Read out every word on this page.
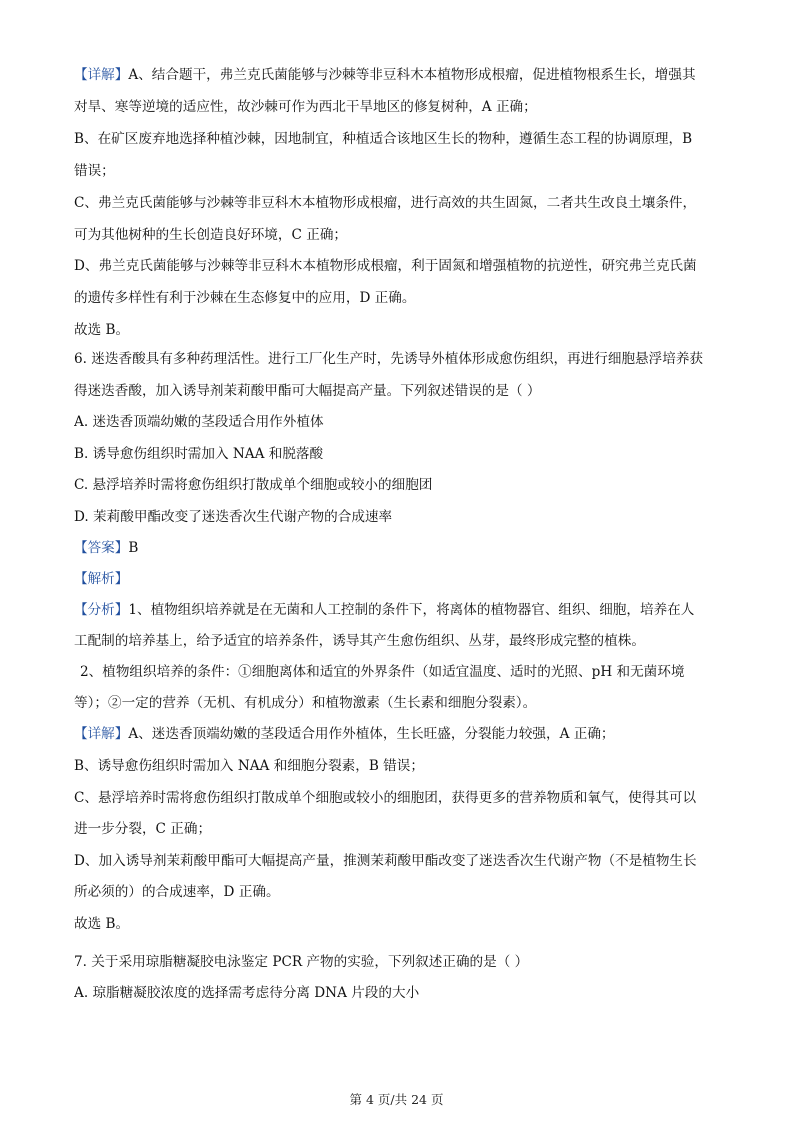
【详解】A、结合题干，弗兰克氏菌能够与沙棘等非豆科木本植物形成根瘤，促进植物根系生长，增强其
对旱、寒等逆境的适应性，故沙棘可作为西北干旱地区的修复树种，A 正确；
B、在矿区废弃地选择种植沙棘，因地制宜，种植适合该地区生长的物种，遵循生态工程的协调原理，B
错误；
C、弗兰克氏菌能够与沙棘等非豆科木本植物形成根瘤，进行高效的共生固氮，二者共生改良土壤条件，
可为其他树种的生长创造良好环境，C 正确；
D、弗兰克氏菌能够与沙棘等非豆科木本植物形成根瘤，利于固氮和增强植物的抗逆性，研究弗兰克氏菌
的遗传多样性有利于沙棘在生态修复中的应用，D 正确。
故选 B。
6. 迷迭香酸具有多种药理活性。进行工厂化生产时，先诱导外植体形成愈伤组织，再进行细胞悬浮培养获
得迷迭香酸，加入诱导剂茉莉酸甲酯可大幅提高产量。下列叙述错误的是（ ）
A. 迷迭香顶端幼嫩的茎段适合用作外植体
B. 诱导愈伤组织时需加入 NAA 和脱落酸
C. 悬浮培养时需将愈伤组织打散成单个细胞或较小的细胞团
D. 茉莉酸甲酯改变了迷迭香次生代谢产物的合成速率
【答案】B
【解析】
【分析】1、植物组织培养就是在无菌和人工控制的条件下，将离体的植物器官、组织、细胞，培养在人
工配制的培养基上，给予适宜的培养条件，诱导其产生愈伤组织、丛芽，最终形成完整的植株。
2、植物组织培养的条件：①细胞离体和适宜的外界条件（如适宜温度、适时的光照、pH 和无菌环境
等）；②一定的营养（无机、有机成分）和植物激素（生长素和细胞分裂素）。
【详解】A、迷迭香顶端幼嫩的茎段适合用作外植体，生长旺盛，分裂能力较强，A 正确；
B、诱导愈伤组织时需加入 NAA 和细胞分裂素，B 错误；
C、悬浮培养时需将愈伤组织打散成单个细胞或较小的细胞团，获得更多的营养物质和氧气，使得其可以
进一步分裂，C 正确；
D、加入诱导剂茉莉酸甲酯可大幅提高产量，推测茉莉酸甲酯改变了迷迭香次生代谢产物（不是植物生长
所必须的）的合成速率，D 正确。
故选 B。
7. 关于采用琼脂糖凝胶电泳鉴定 PCR 产物的实验，下列叙述正确的是（ ）
A. 琼脂糖凝胶浓度的选择需考虑待分离 DNA 片段的大小
第 4 页/共 24 页
